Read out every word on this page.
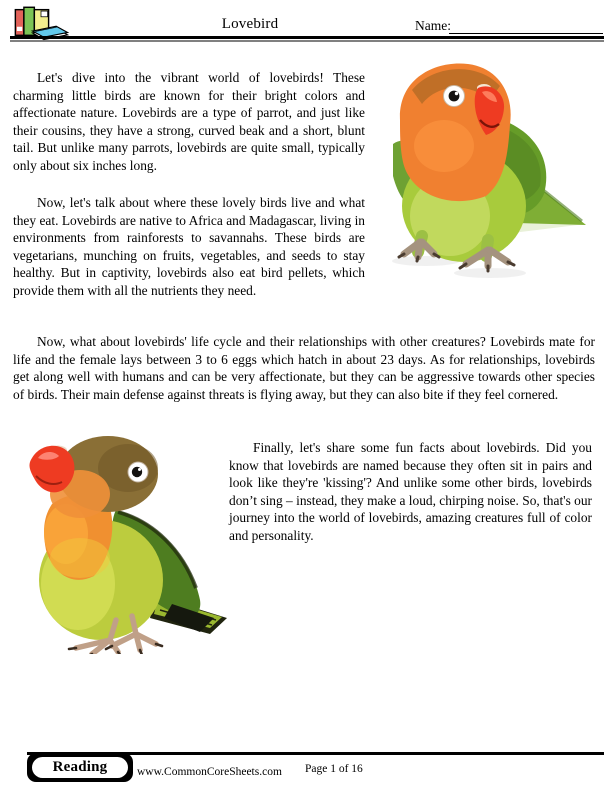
Lovebird	Name:

Let's dive into the vibrant world of lovebirds! These charming little birds are known for their bright colors and affectionate nature. Lovebirds are a type of parrot, and just like their cousins, they have a strong, curved beak and a short, blunt tail. But unlike many parrots, lovebirds are quite small, typically only about six inches long.

Now, let's talk about where these lovely birds live and what they eat. Lovebirds are native to Africa and Madagascar, living in environments from rainforests to savannahs. These birds are vegetarians, munching on fruits, vegetables, and seeds to stay healthy. But in captivity, lovebirds also eat bird pellets, which provide them with all the nutrients they need.

Now, what about lovebirds' life cycle and their relationships with other creatures? Lovebirds mate for life and the female lays between 3 to 6 eggs which hatch in about 23 days. As for relationships, lovebirds get along well with humans and can be very affectionate, but they can be aggressive towards other species of birds. Their main defense against threats is flying away, but they can also bite if they feel cornered.

Finally, let's share some fun facts about lovebirds. Did you know that lovebirds are named because they often sit in pairs and look like they're 'kissing'? And unlike some other birds, lovebirds don’t sing – instead, they make a loud, chirping noise. So, that's our journey into the world of lovebirds, amazing creatures full of color and personality.

Reading	www.CommonCoreSheets.com Page 1 of 16
